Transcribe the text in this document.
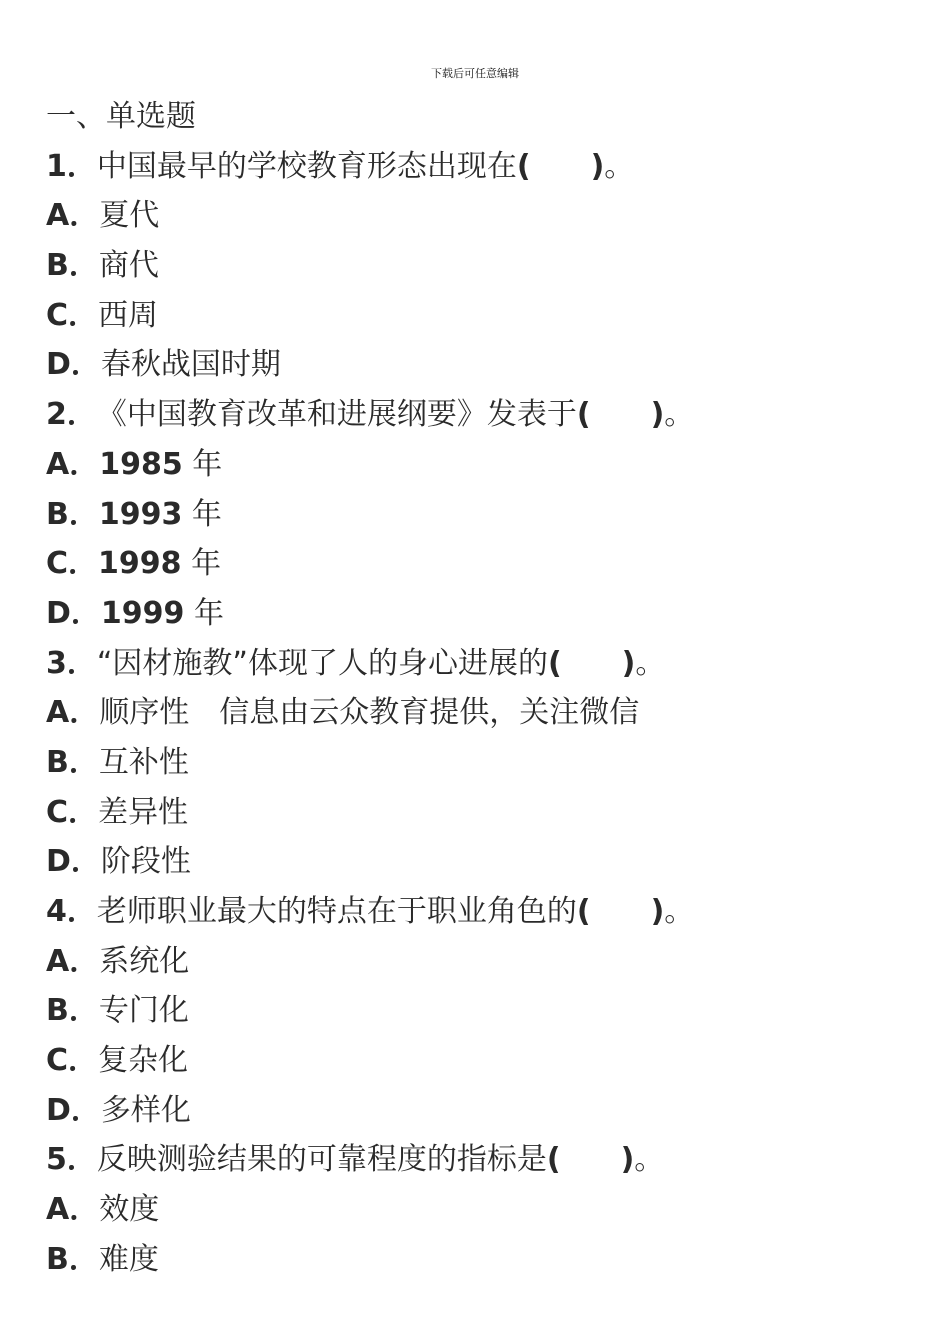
下载后可任意编辑
一、单选题
1．中国最早的学校教育形态出现在(　　)。
A．夏代
B．商代
C．西周
D．春秋战国时期
2．《中国教育改革和进展纲要》发表于(　　)。
A．1985 年
B．1993 年
C．1998 年
D．1999 年
3．“因材施教”体现了人的身心进展的(　　)。
A．顺序性　信息由云众教育提供，关注微信
B．互补性
C．差异性
D．阶段性
4．老师职业最大的特点在于职业角色的(　　)。
A．系统化
B．专门化
C．复杂化
D．多样化
5．反映测验结果的可靠程度的指标是(　　)。
A．效度
B．难度
